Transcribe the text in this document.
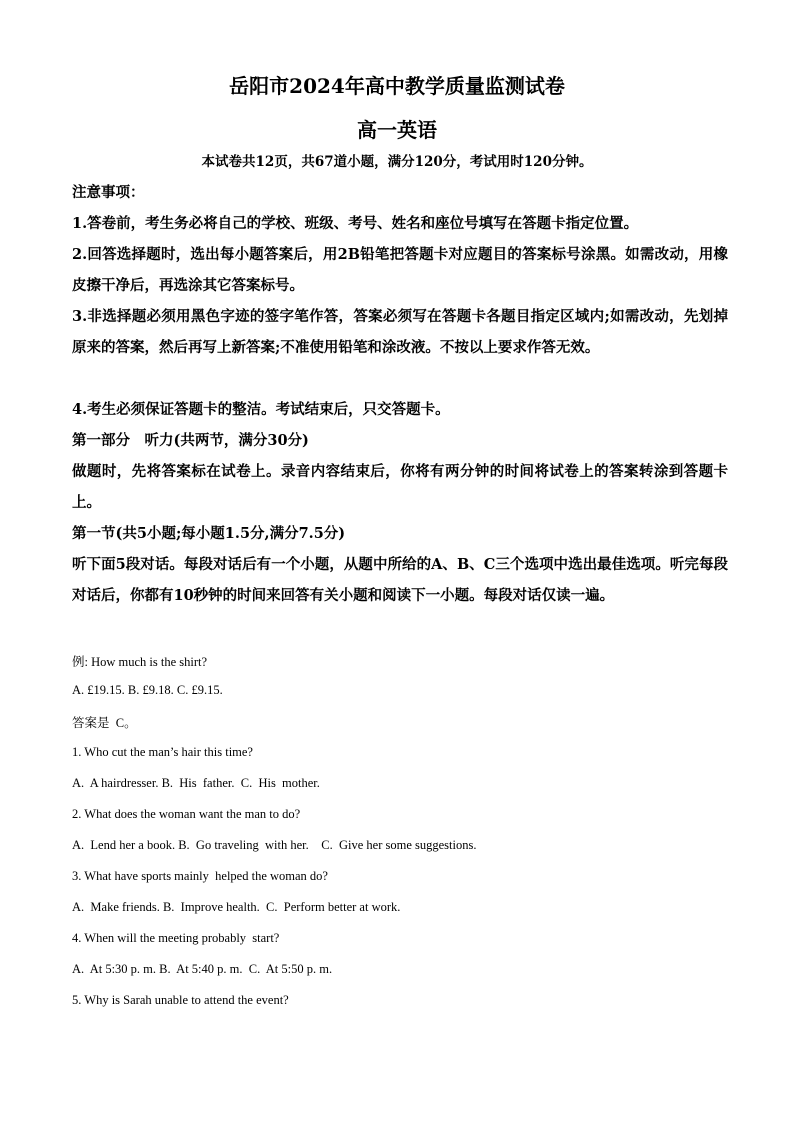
岳阳市2024年高中教学质量监测试卷
高一英语
本试卷共12页，共67道小题，满分120分，考试用时120分钟。
注意事项：
1.答卷前，考生务必将自己的学校、班级、考号、姓名和座位号填写在答题卡指定位置。
2.回答选择题时，选出每小题答案后，用2B铅笔把答题卡对应题目的答案标号涂黑。如需改动，用橡皮擦干净后，再选涂其它答案标号。
3.非选择题必须用黑色字迹的签字笔作答，答案必须写在答题卡各题目指定区域内;如需改动，先划掉原来的答案，然后再写上新答案;不准使用铅笔和涂改液。不按以上要求作答无效。
4.考生必须保证答题卡的整洁。考试结束后，只交答题卡。
第一部分　听力(共两节，满分30分)
做题时，先将答案标在试卷上。录音内容结束后，你将有两分钟的时间将试卷上的答案转涂到答题卡上。
第一节(共5小题;每小题1.5分,满分7.5分)
听下面5段对话。每段对话后有一个小题，从题中所给的A、B、C三个选项中选出最佳选项。听完每段对话后，你都有10秒钟的时间来回答有关小题和阅读下一小题。每段对话仅读一遍。
例: How much is the shirt?
A. £19.15. B. £9.18. C. £9.15.
答案是  C。
1. Who cut the man’s hair this time?
A.  A hairdresser. B.  His  father.  C.  His  mother.
2. What does the woman want the man to do?
A.  Lend her a book. B.  Go traveling  with her.    C.  Give her some suggestions.
3. What have sports mainly  helped the woman do?
A.  Make friends. B.  Improve health.  C.  Perform better at work.
4. When will the meeting probably  start?
A.  At 5:30 p. m. B.  At 5:40 p. m.  C.  At 5:50 p. m.
5. Why is Sarah unable to attend the event?
